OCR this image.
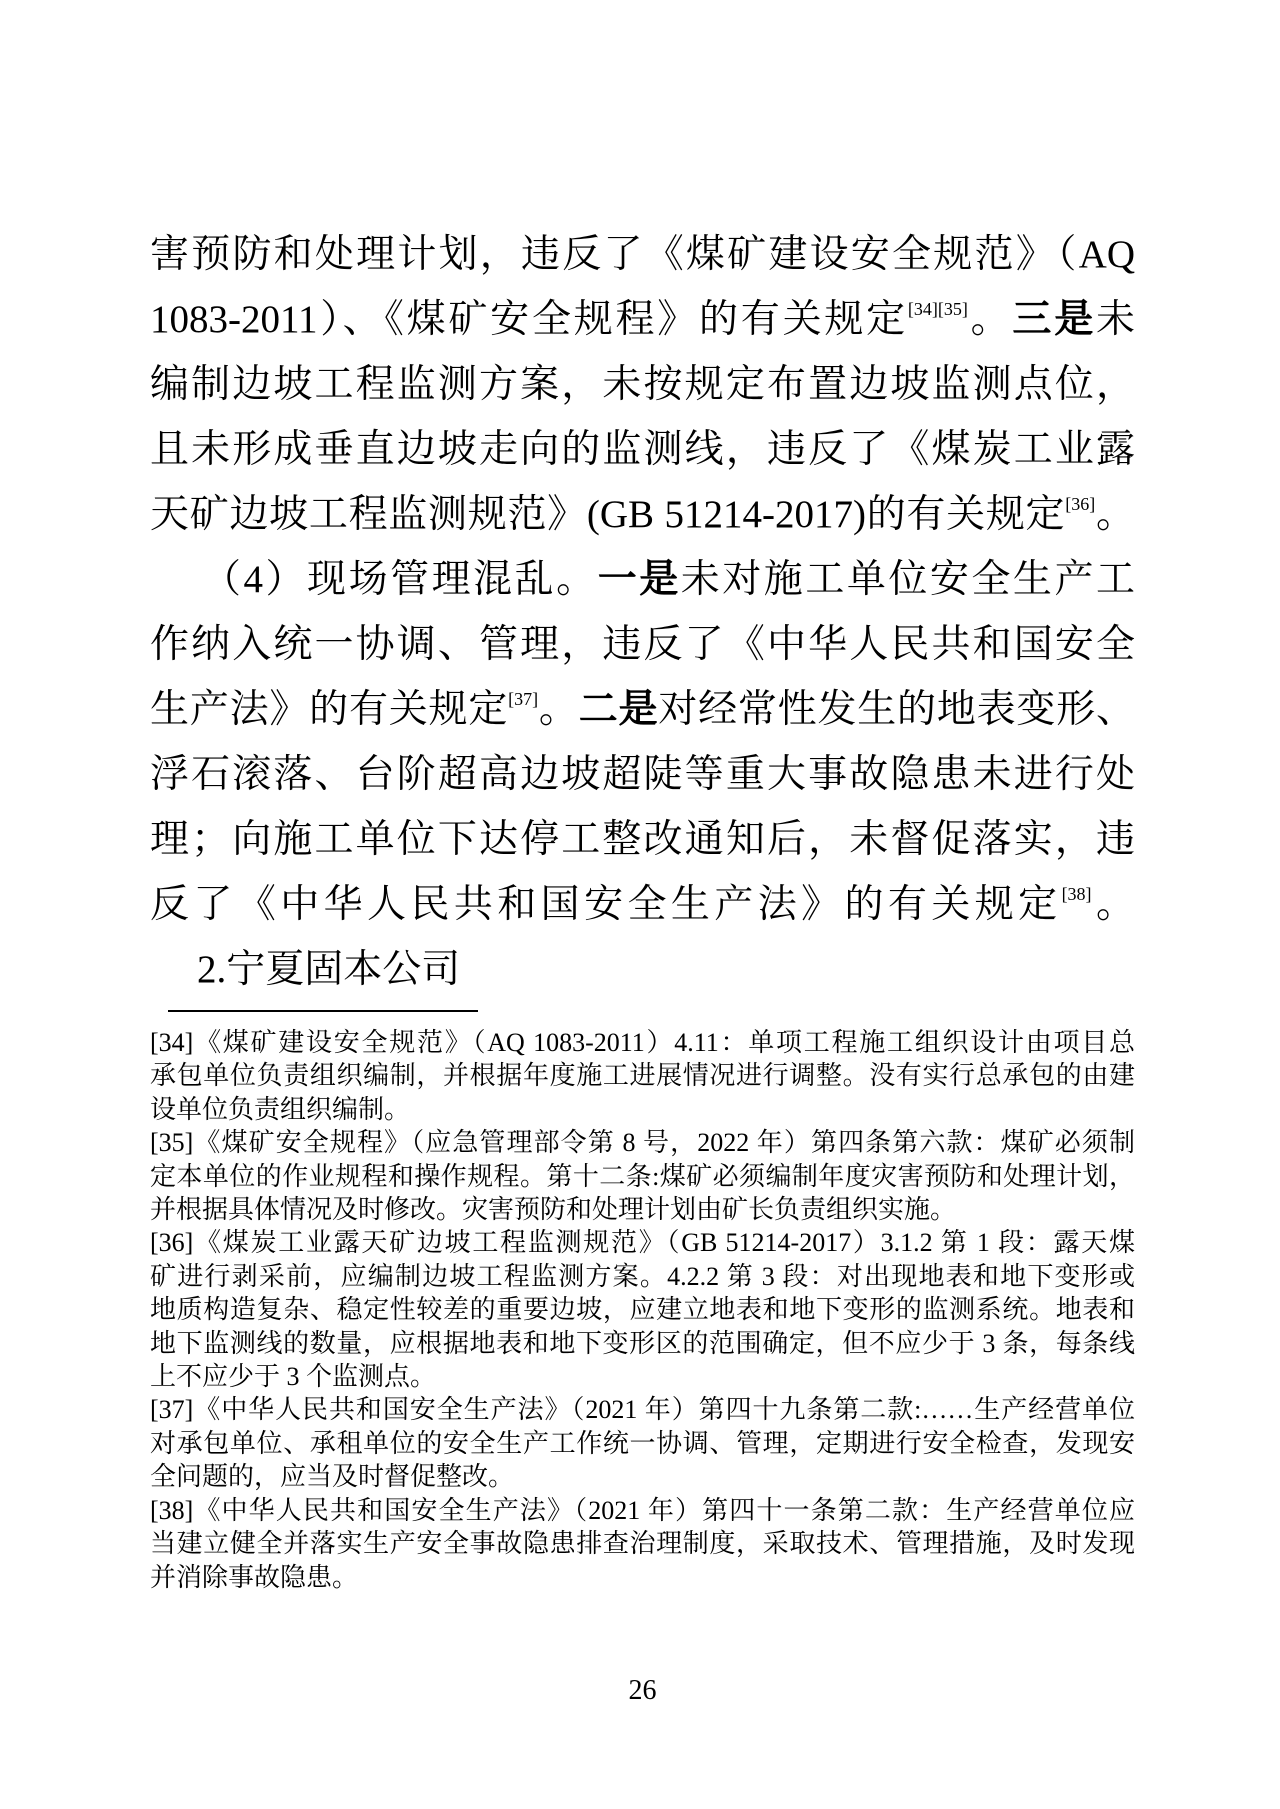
害预防和处理计划，违反了《煤矿建设安全规范》（AQ
1083-2011）、《煤矿安全规程》的有关规定[34][35]。三是未
编制边坡工程监测方案，未按规定布置边坡监测点位，
且未形成垂直边坡走向的监测线，违反了《煤炭工业露
天矿边坡工程监测规范》(GB 51214-2017)的有关规定[36]。
（4）现场管理混乱。一是未对施工单位安全生产工
作纳入统一协调、管理，违反了《中华人民共和国安全
生产法》的有关规定[37]。二是对经常性发生的地表变形、
浮石滚落、台阶超高边坡超陡等重大事故隐患未进行处
理；向施工单位下达停工整改通知后，未督促落实，违
反了《中华人民共和国安全生产法》的有关规定[38]。
2.宁夏固本公司
[34]《煤矿建设安全规范》（AQ 1083-2011）4.11：单项工程施工组织设计由项目总
承包单位负责组织编制，并根据年度施工进展情况进行调整。没有实行总承包的由建
设单位负责组织编制。
[35]《煤矿安全规程》（应急管理部令第 8 号，2022 年）第四条第六款：煤矿必须制
定本单位的作业规程和操作规程。第十二条:煤矿必须编制年度灾害预防和处理计划，
并根据具体情况及时修改。灾害预防和处理计划由矿长负责组织实施。
[36]《煤炭工业露天矿边坡工程监测规范》（GB 51214-2017）3.1.2 第 1 段：露天煤
矿进行剥采前，应编制边坡工程监测方案。4.2.2 第 3 段：对出现地表和地下变形或
地质构造复杂、稳定性较差的重要边坡，应建立地表和地下变形的监测系统。地表和
地下监测线的数量，应根据地表和地下变形区的范围确定，但不应少于 3 条，每条线
上不应少于 3 个监测点。
[37]《中华人民共和国安全生产法》（2021 年）第四十九条第二款:……生产经营单位
对承包单位、承租单位的安全生产工作统一协调、管理，定期进行安全检查，发现安
全问题的，应当及时督促整改。
[38]《中华人民共和国安全生产法》（2021 年）第四十一条第二款：生产经营单位应
当建立健全并落实生产安全事故隐患排查治理制度，采取技术、管理措施，及时发现
并消除事故隐患。
26
